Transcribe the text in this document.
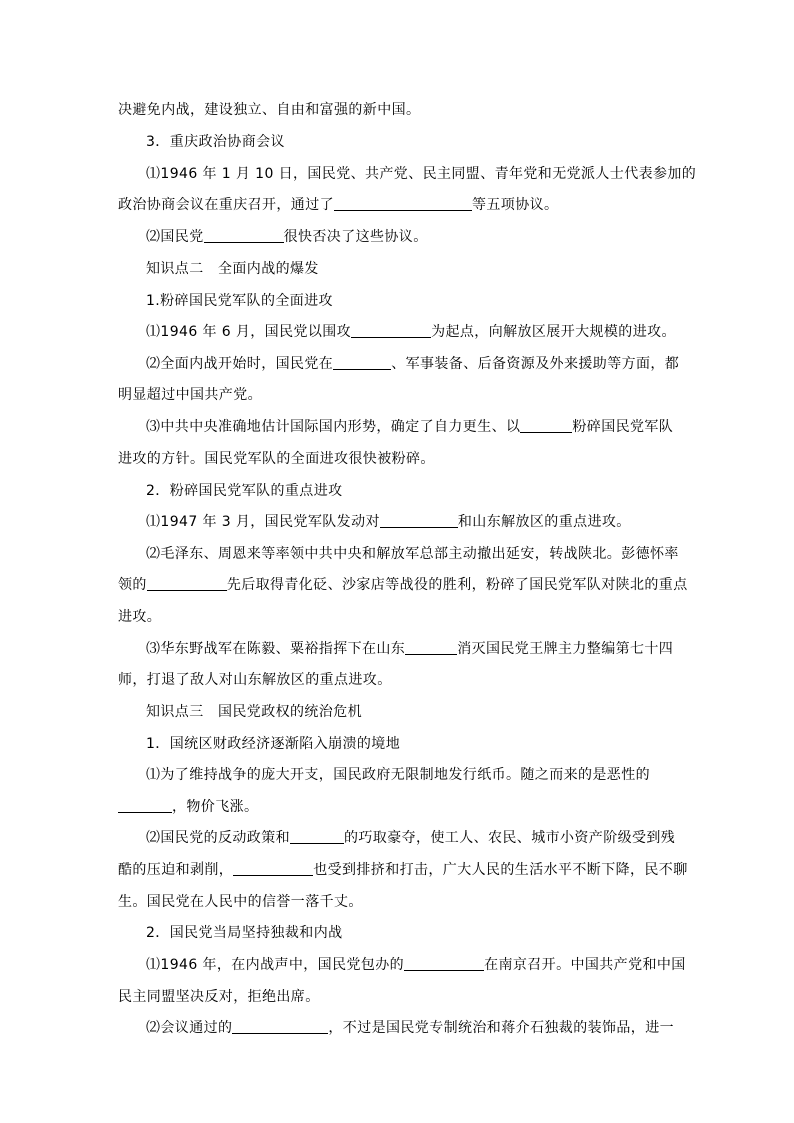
决避免内战，建设独立、自由和富强的新中国。
3．重庆政治协商会议
⑴1946 年 1 月 10 日，国民党、共产党、民主同盟、青年党和无党派人士代表参加的
政治协商会议在重庆召开，通过了	等五项协议。
⑵国民党	很快否决了这些协议。
知识点二　全面内战的爆发
1.粉碎国民党军队的全面进攻
⑴1946 年 6 月，国民党以围攻	为起点，向解放区展开大规模的进攻。
⑵全面内战开始时，国民党在	、军事装备、后备资源及外来援助等方面，都
明显超过中国共产党。
⑶中共中央准确地估计国际国内形势，确定了自力更生、以	粉碎国民党军队
进攻的方针。国民党军队的全面进攻很快被粉碎。
2．粉碎国民党军队的重点进攻
⑴1947 年 3 月，国民党军队发动对	和山东解放区的重点进攻。
⑵毛泽东、周恩来等率领中共中央和解放军总部主动撤出延安，转战陕北。彭德怀率
领的	先后取得青化砭、沙家店等战役的胜利，粉碎了国民党军队对陕北的重点
进攻。
⑶华东野战军在陈毅、粟裕指挥下在山东	消灭国民党王牌主力整编第七十四
师，打退了敌人对山东解放区的重点进攻。
知识点三　国民党政权的统治危机
1．国统区财政经济逐渐陷入崩溃的境地
⑴为了维持战争的庞大开支，国民政府无限制地发行纸币。随之而来的是恶性的
，物价飞涨。
⑵国民党的反动政策和	的巧取豪夺，使工人、农民、城市小资产阶级受到残
酷的压迫和剥削，	也受到排挤和打击，广大人民的生活水平不断下降，民不聊
生。国民党在人民中的信誉一落千丈。
2．国民党当局坚持独裁和内战
⑴1946 年，在内战声中，国民党包办的	在南京召开。中国共产党和中国
民主同盟坚决反对，拒绝出席。
⑵会议通过的	，不过是国民党专制统治和蒋介石独裁的装饰品，进一
